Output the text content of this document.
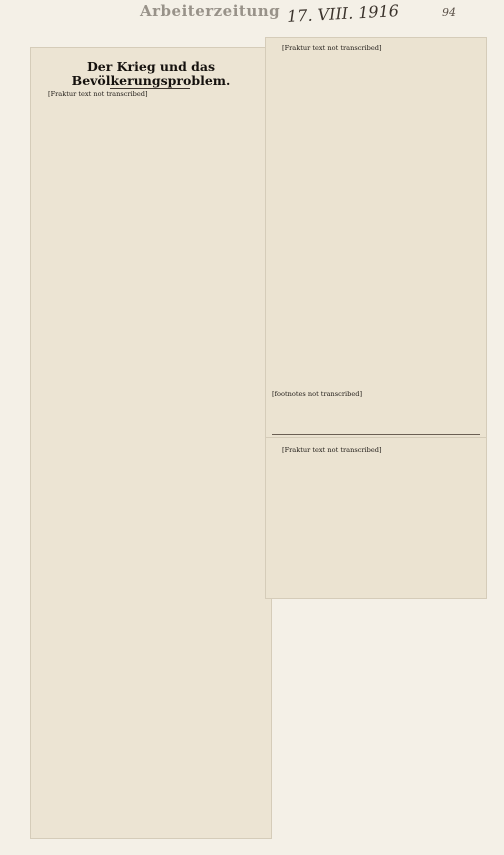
Arbeiterzeitung 17. VIII. 1916	94
Der Krieg und das Bevölkerungsproblem.

[Fraktur text not transcribed]

[Fraktur text not transcribed]

[footnotes not transcribed]

[Fraktur text not transcribed]
